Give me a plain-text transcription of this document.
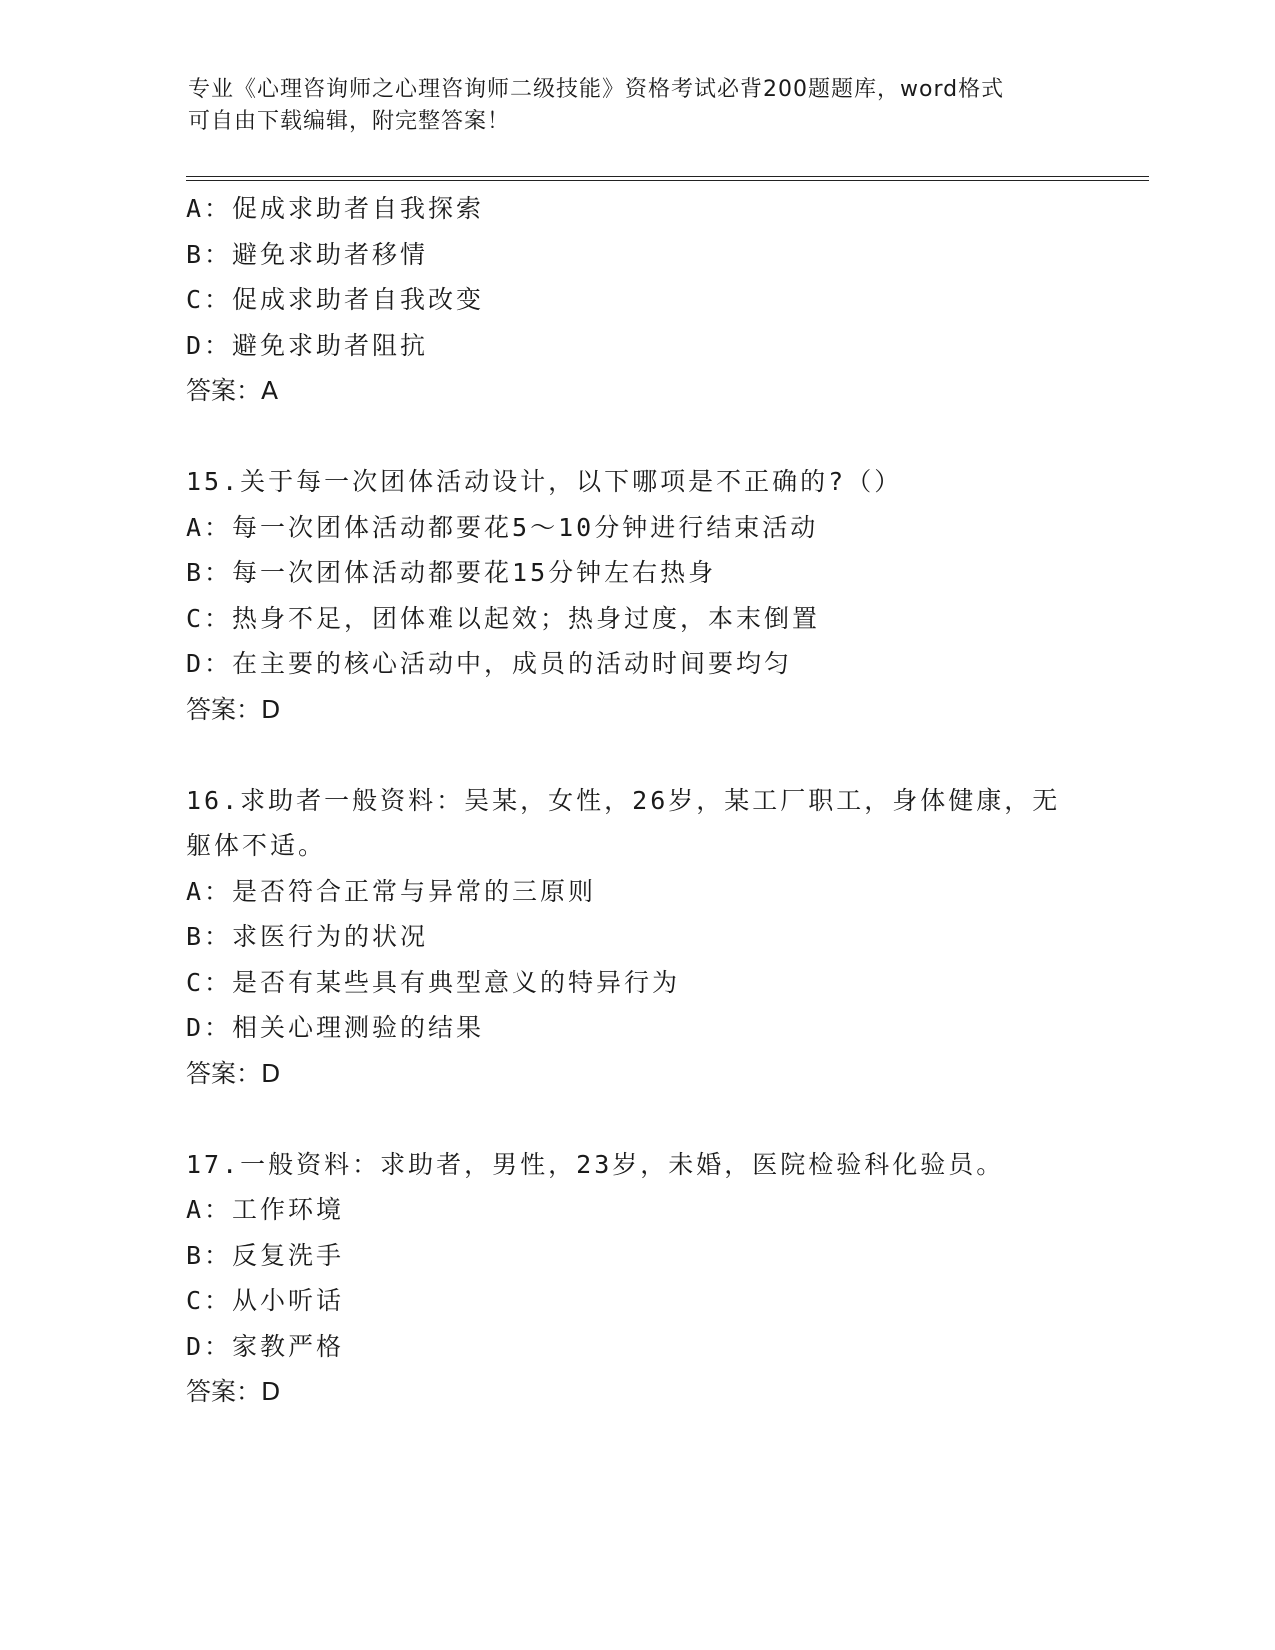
专业《心理咨询师之心理咨询师二级技能》资格考试必背200题题库，word格式
可自由下载编辑，附完整答案！
A：促成求助者自我探索
B：避免求助者移情
C：促成求助者自我改变
D：避免求助者阻抗
答案：A
15.关于每一次团体活动设计，以下哪项是不正确的?（）
A：每一次团体活动都要花5～10分钟进行结束活动
B：每一次团体活动都要花15分钟左右热身
C：热身不足，团体难以起效；热身过度，本末倒置
D：在主要的核心活动中，成员的活动时间要均匀
答案：D
16.求助者一般资料：吴某，女性，26岁，某工厂职工，身体健康，无
躯体不适。
A：是否符合正常与异常的三原则
B：求医行为的状况
C：是否有某些具有典型意义的特异行为
D：相关心理测验的结果
答案：D
17.一般资料：求助者，男性，23岁，未婚，医院检验科化验员。
A：工作环境
B：反复洗手
C：从小听话
D：家教严格
答案：D
